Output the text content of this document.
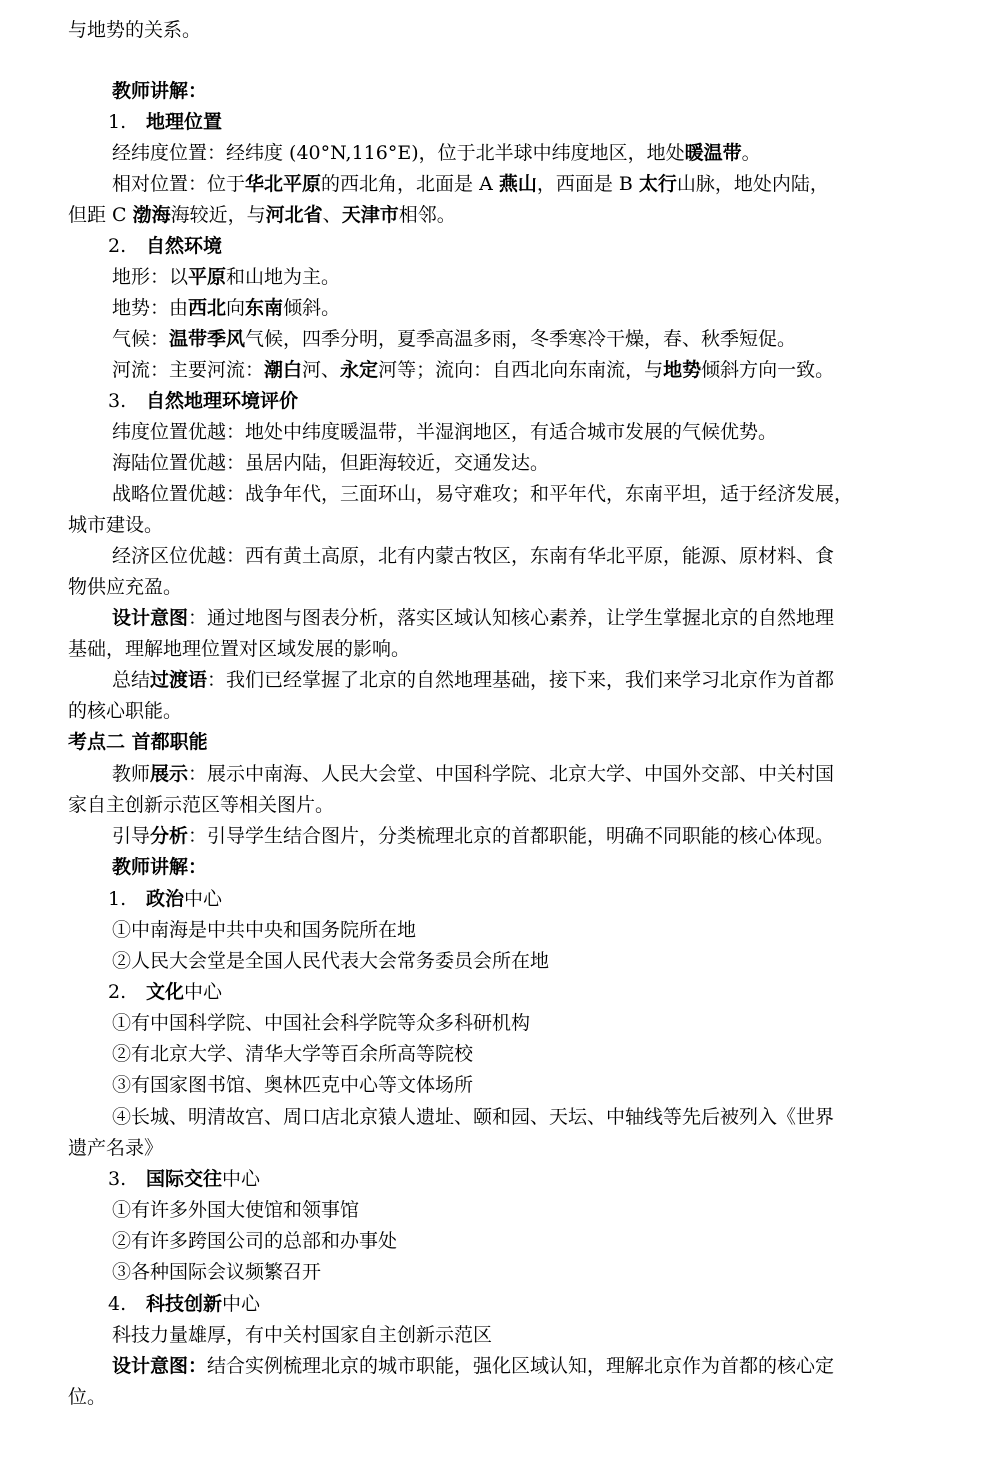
与地势的关系。
教师讲解：
1. 地理位置
经纬度位置：经纬度 (40°N,116°E)，位于北半球中纬度地区，地处暖温带。
相对位置：位于华北平原的西北角，北面是 A 燕山，西面是 B 太行山脉，地处内陆，
但距 C 渤海海较近，与河北省、天津市相邻。
2. 自然环境
地形：以平原和山地为主。
地势：由西北向东南倾斜。
气候：温带季风气候，四季分明，夏季高温多雨，冬季寒冷干燥，春、秋季短促。
河流：主要河流：潮白河、永定河等；流向：自西北向东南流，与地势倾斜方向一致。
3. 自然地理环境评价
纬度位置优越：地处中纬度暖温带，半湿润地区，有适合城市发展的气候优势。
海陆位置优越：虽居内陆，但距海较近，交通发达。
战略位置优越：战争年代，三面环山，易守难攻；和平年代，东南平坦，适于经济发展，
城市建设。
经济区位优越：西有黄土高原，北有内蒙古牧区，东南有华北平原，能源、原材料、食
物供应充盈。
设计意图：通过地图与图表分析，落实区域认知核心素养，让学生掌握北京的自然地理
基础，理解地理位置对区域发展的影响。
总结过渡语：我们已经掌握了北京的自然地理基础，接下来，我们来学习北京作为首都
的核心职能。
考点二 首都职能
教师展示：展示中南海、人民大会堂、中国科学院、北京大学、中国外交部、中关村国
家自主创新示范区等相关图片。
引导分析：引导学生结合图片，分类梳理北京的首都职能，明确不同职能的核心体现。
教师讲解：
1. 政治中心
①中南海是中共中央和国务院所在地
②人民大会堂是全国人民代表大会常务委员会所在地
2. 文化中心
①有中国科学院、中国社会科学院等众多科研机构
②有北京大学、清华大学等百余所高等院校
③有国家图书馆、奥林匹克中心等文体场所
④长城、明清故宫、周口店北京猿人遗址、颐和园、天坛、中轴线等先后被列入《世界
遗产名录》
3. 国际交往中心
①有许多外国大使馆和领事馆
②有许多跨国公司的总部和办事处
③各种国际会议频繁召开
4. 科技创新中心
科技力量雄厚，有中关村国家自主创新示范区
设计意图：结合实例梳理北京的城市职能，强化区域认知，理解北京作为首都的核心定
位。
